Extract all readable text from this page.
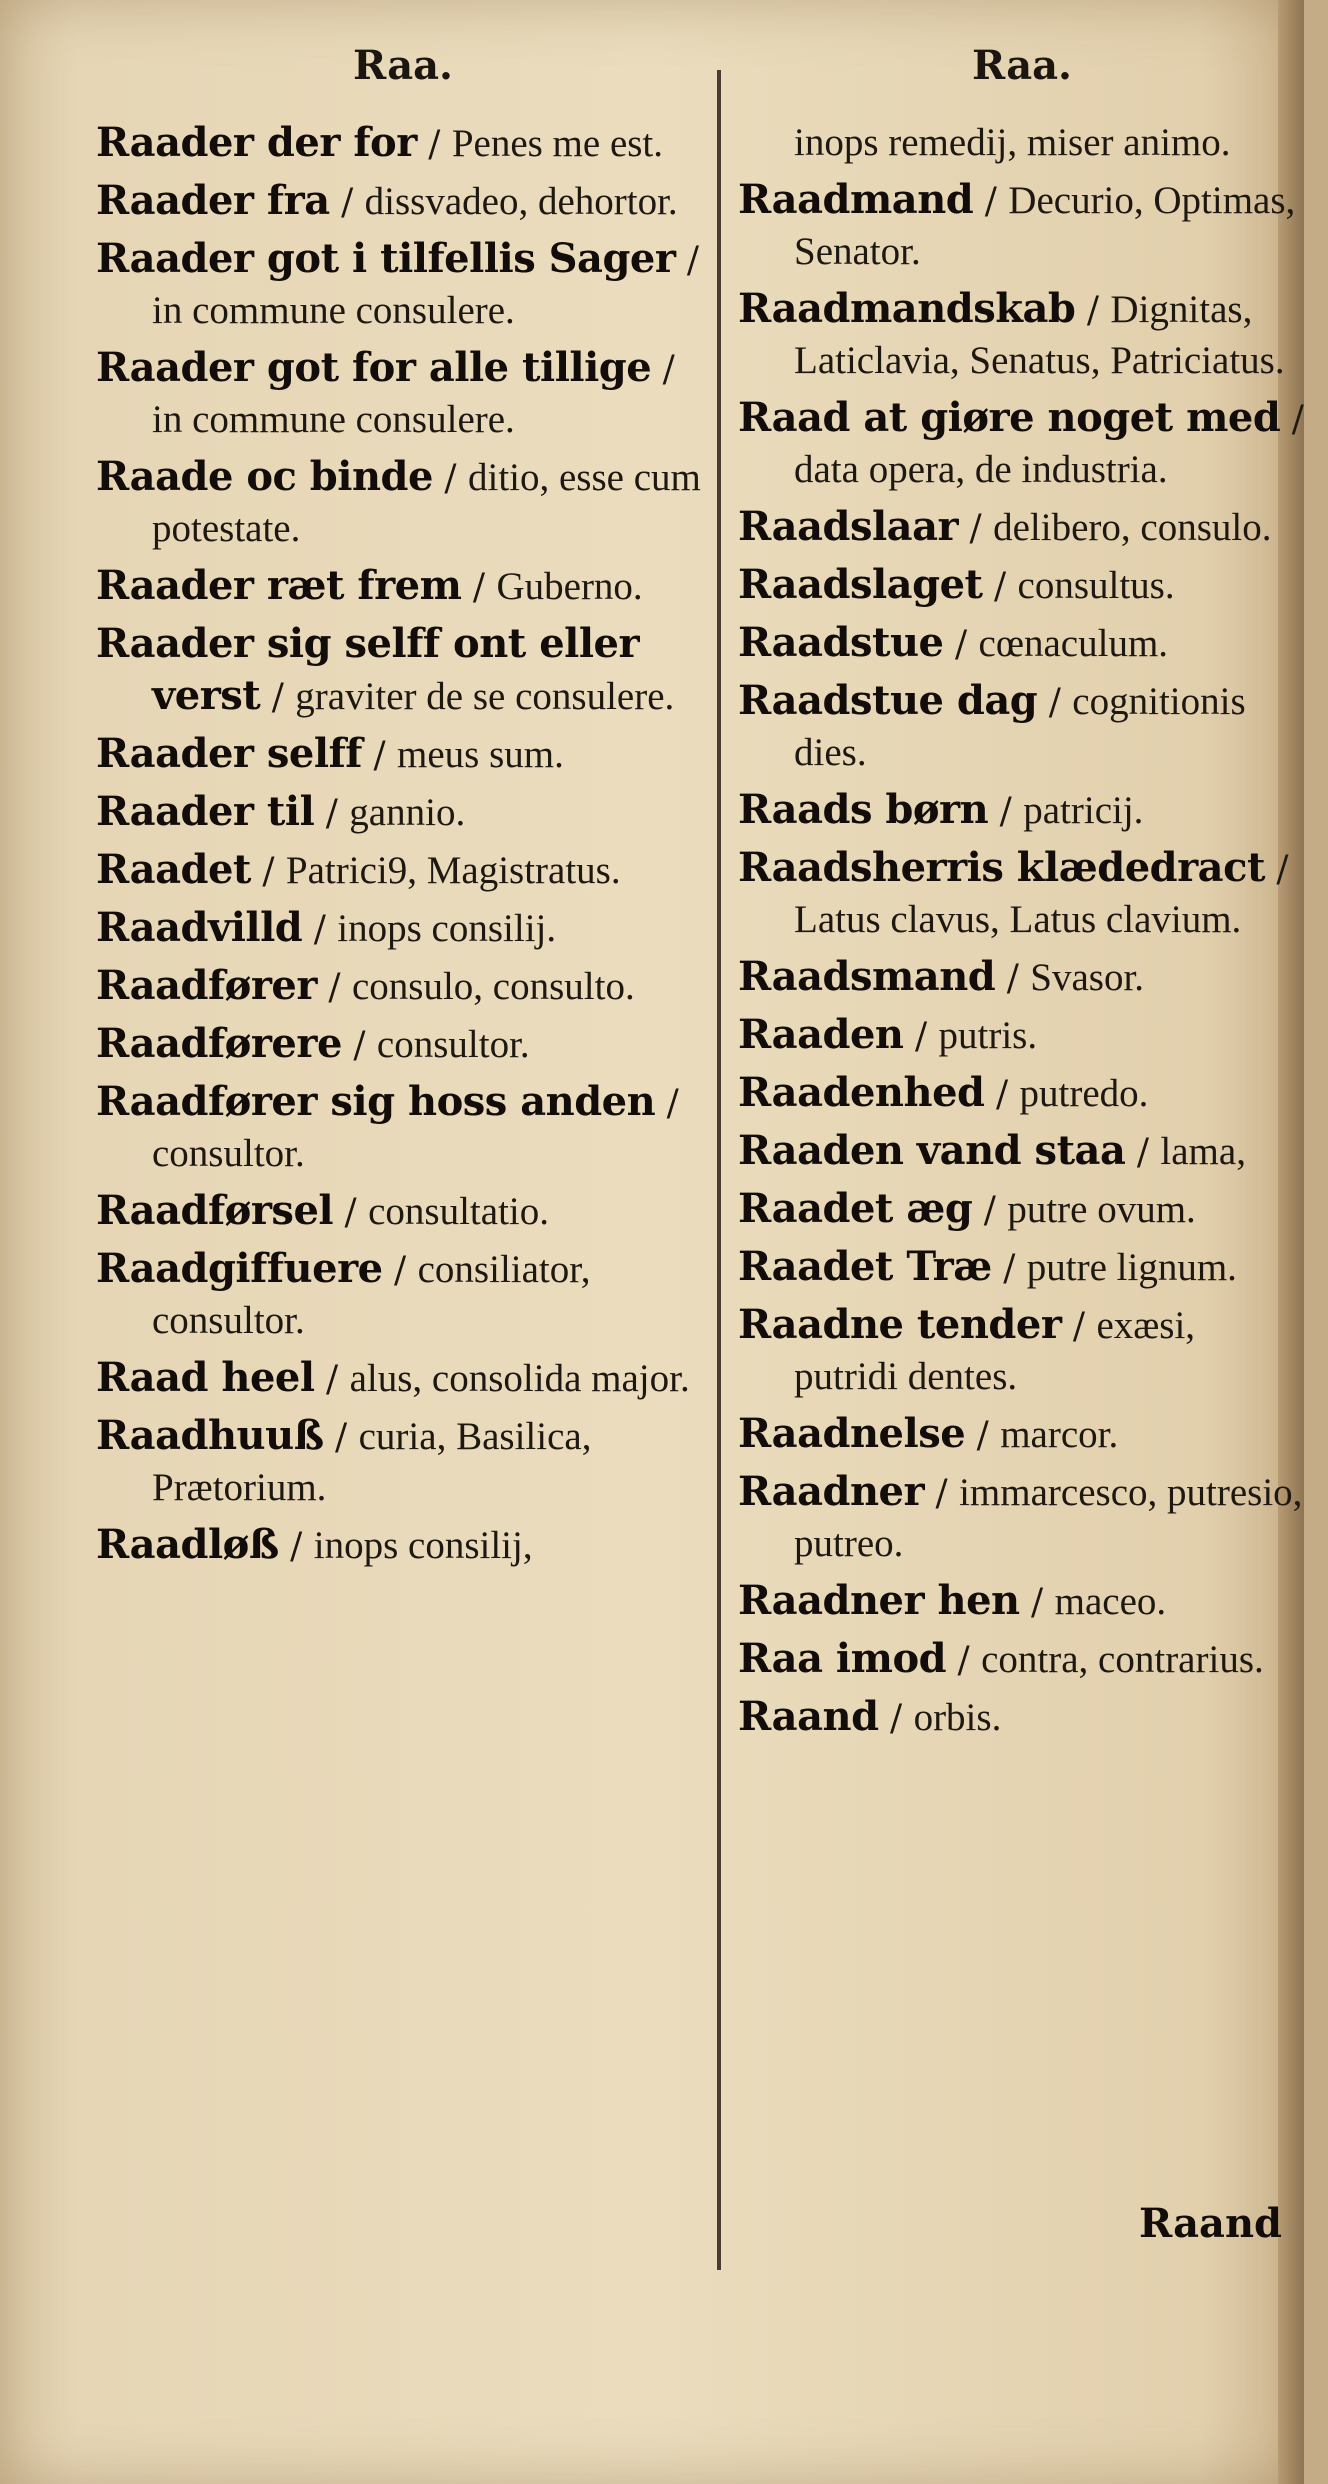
Raa.
Raader der for / Penes me est.
Raader fra / dissvadeo, dehortor.
Raader got i tilfellis Sager / in commune consulere.
Raader got for alle tillige / in commune consulere.
Raade oc binde / ditio, esse cum potestate.
Raader ræt frem / Guberno.
Raader sig selff ont eller verst / graviter de se consulere.
Raader selff / meus sum.
Raader til / gannio.
Raadet / Patrici9, Magistratus.
Raadvilld / inops consilij.
Raadfører / consulo, consulto.
Raadførere / consultor.
Raadfører sig hoss anden / consultor.
Raadførsel / consultatio.
Raadgiffuere / consiliator, consultor.
Raad heel / alus, consolida major.
Raadhuuß / curia, Basilica, Prætorium.
Raadløß / inops consilij,
Raa.
inops remedij, miser animo.
Raadmand / Decurio, Optimas, Senator.
Raadmandskab / Dignitas, Laticlavia, Senatus, Patriciatus.
Raad at giøre noget med / data opera, de industria.
Raadslaar / delibero, consulo.
Raadslaget / consultus.
Raadstue / cœnaculum.
Raadstue dag / cognitionis dies.
Raads børn / patricij.
Raadsherris klædedract / Latus clavus, Latus clavium.
Raadsmand / Svasor.
Raaden / putris.
Raadenhed / putredo.
Raaden vand staa / lama,
Raadet æg / putre ovum.
Raadet Træ / putre lignum.
Raadne tender / exæsi, putridi dentes.
Raadnelse / marcor.
Raadner / immarcesco, putresio, putreo.
Raadner hen / maceo.
Raa imod / contra, contrarius.
Raand / orbis.
Raand
